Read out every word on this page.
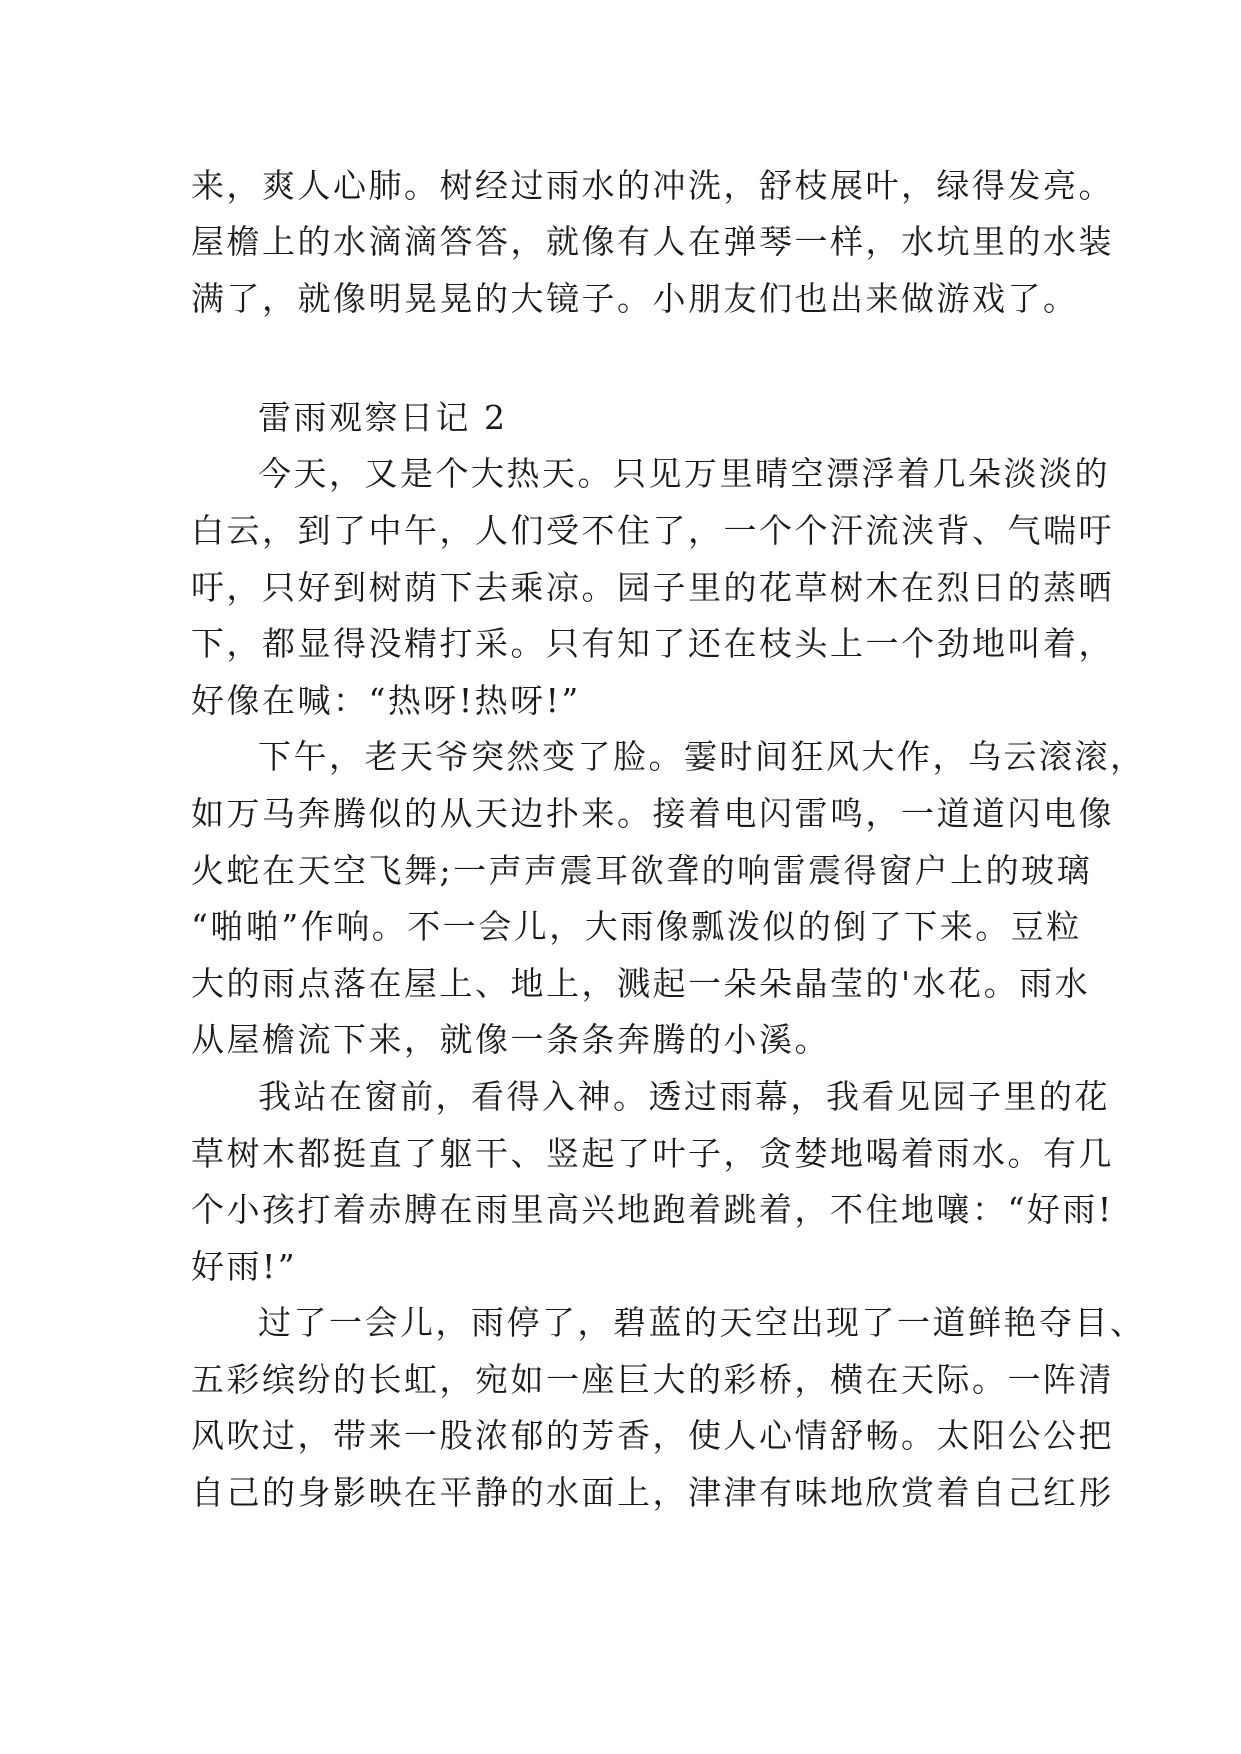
来，爽人心肺。树经过雨水的冲洗，舒枝展叶，绿得发亮。
屋檐上的水滴滴答答，就像有人在弹琴一样，水坑里的水装
满了，就像明晃晃的大镜子。小朋友们也出来做游戏了。
雷雨观察日记 2
今天，又是个大热天。只见万里晴空漂浮着几朵淡淡的
白云，到了中午，人们受不住了，一个个汗流浃背、气喘吁
吁，只好到树荫下去乘凉。园子里的花草树木在烈日的蒸晒
下，都显得没精打采。只有知了还在枝头上一个劲地叫着，
好像在喊：“热呀!热呀!”
下午，老天爷突然变了脸。霎时间狂风大作，乌云滚滚，
如万马奔腾似的从天边扑来。接着电闪雷鸣，一道道闪电像
火蛇在天空飞舞;一声声震耳欲聋的响雷震得窗户上的玻璃
“啪啪”作响。不一会儿，大雨像瓢泼似的倒了下来。豆粒
大的雨点落在屋上、地上，溅起一朵朵晶莹的'水花。雨水
从屋檐流下来，就像一条条奔腾的小溪。
我站在窗前，看得入神。透过雨幕，我看见园子里的花
草树木都挺直了躯干、竖起了叶子，贪婪地喝着雨水。有几
个小孩打着赤膊在雨里高兴地跑着跳着，不住地嚷：“好雨!
好雨!”
过了一会儿，雨停了，碧蓝的天空出现了一道鲜艳夺目、
五彩缤纷的长虹，宛如一座巨大的彩桥，横在天际。一阵清
风吹过，带来一股浓郁的芳香，使人心情舒畅。太阳公公把
自己的身影映在平静的水面上，津津有味地欣赏着自己红彤
